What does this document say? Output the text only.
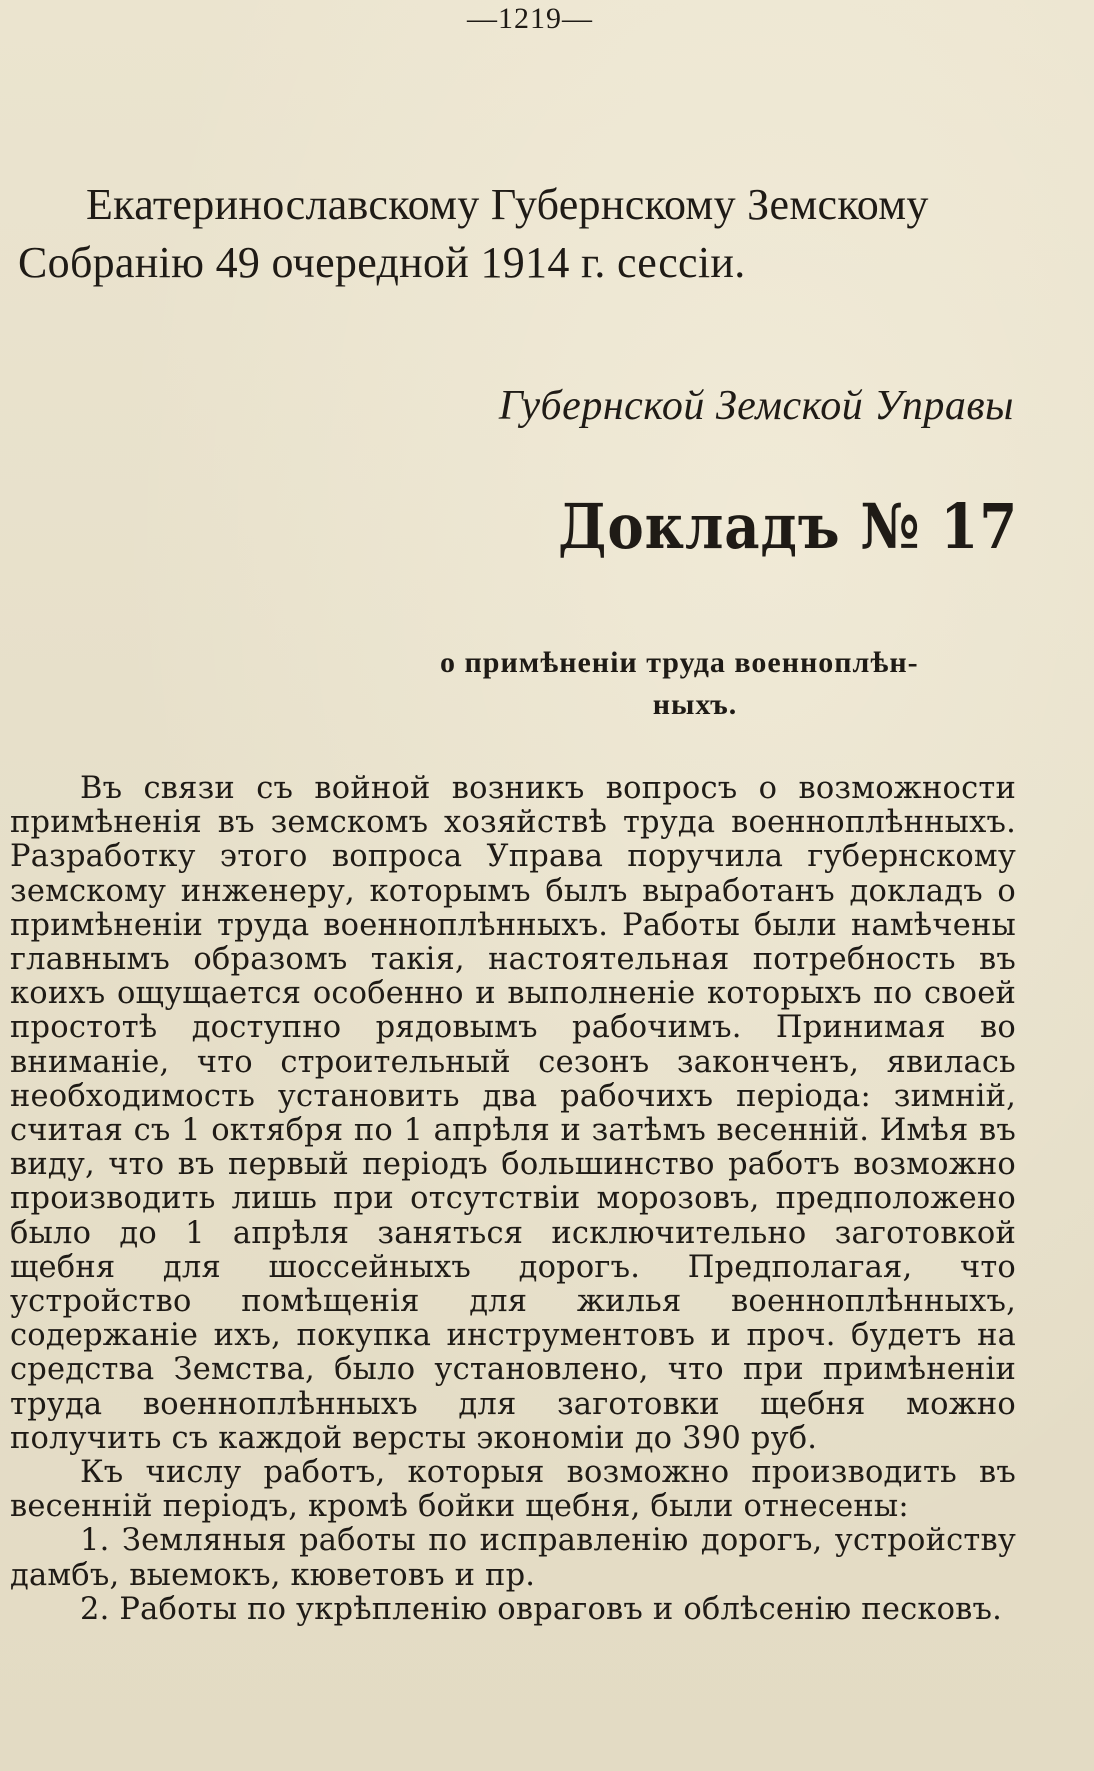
—1219—
Екатеринославскому Губернскому Земскому
Собранію 49 очередной 1914 г. сессіи.
Губернской Земской Управы
Докладъ № 17
о примѣненіи труда военноплѣн-
ныхъ.

Въ связи съ войной возникъ вопросъ о возможности примѣненія въ земскомъ хозяйствѣ труда военноплѣнныхъ. Разработку этого вопроса Управа поручила губернскому земскому инженеру, которымъ былъ выработанъ докладъ о примѣненіи труда военноплѣнныхъ. Работы были намѣчены главнымъ образомъ такія, настоятельная потребность въ коихъ ощущается особенно и выполненіе которыхъ по своей простотѣ доступно рядовымъ рабочимъ. Принимая во вниманіе, что строительный сезонъ законченъ, явилась необходимость установить два рабочихъ періода: зимній, считая съ 1 октября по 1 апрѣля и затѣмъ весенній. Имѣя въ виду, что въ первый періодъ большинство работъ возможно производить лишь при отсутствіи морозовъ, предположено было до 1 апрѣля заняться исключительно заготовкой щебня для шоссейныхъ дорогъ. Предполагая, что устройство помѣщенія для жилья военноплѣнныхъ, содержаніе ихъ, покупка инструментовъ и проч. будетъ на средства Земства, было установлено, что при примѣненіи труда военноплѣнныхъ для заготовки щебня можно получить съ каждой версты экономіи до 390 руб.

Къ числу работъ, которыя возможно производить въ весенній періодъ, кромѣ бойки щебня, были отнесены:

1. Земляныя работы по исправленію дорогъ, устройству дамбъ, выемокъ, кюветовъ и пр.

2. Работы по укрѣпленію овраговъ и облѣсенію песковъ.
